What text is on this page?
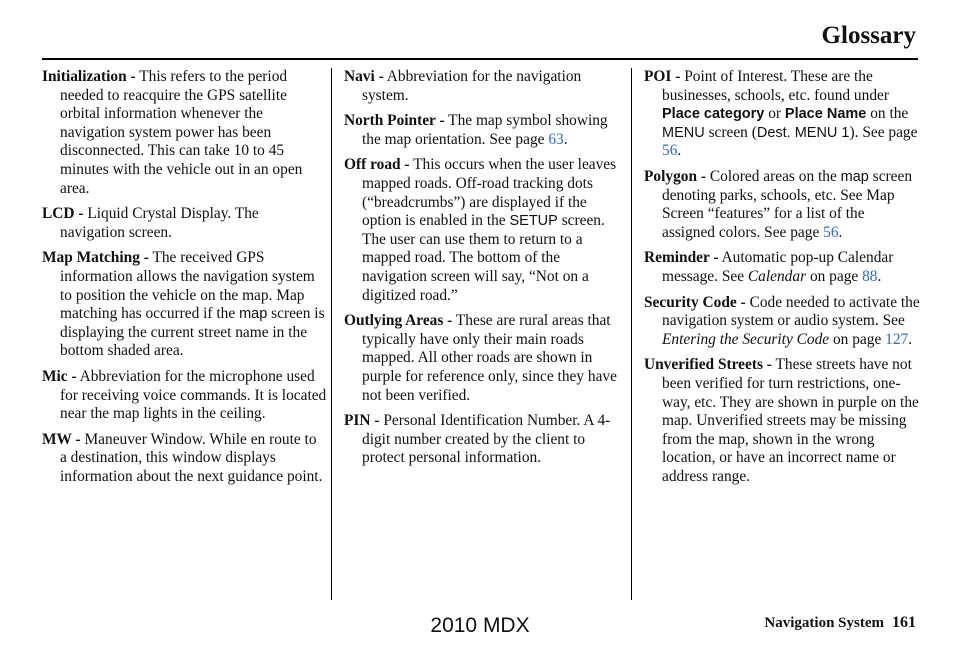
Glossary

Initialization - This refers to the period needed to reacquire the GPS satellite orbital information whenever the navigation system power has been disconnected. This can take 10 to 45 minutes with the vehicle out in an open area.

LCD - Liquid Crystal Display. The navigation screen.

Map Matching - The received GPS information allows the navigation system to position the vehicle on the map. Map matching has occurred if the map screen is displaying the current street name in the bottom shaded area.

Mic - Abbreviation for the microphone used for receiving voice commands. It is located near the map lights in the ceiling.

MW - Maneuver Window. While en route to a destination, this window displays information about the next guidance point.

Navi - Abbreviation for the navigation system.

North Pointer - The map symbol showing the map orientation. See page 63.

Off road - This occurs when the user leaves mapped roads. Off-road tracking dots (“breadcrumbs”) are displayed if the option is enabled in the SETUP screen. The user can use them to return to a mapped road. The bottom of the navigation screen will say, “Not on a digitized road.”

Outlying Areas - These are rural areas that typically have only their main roads mapped. All other roads are shown in purple for reference only, since they have not been verified.

PIN - Personal Identification Number. A 4-digit number created by the client to protect personal information.

POI - Point of Interest. These are the businesses, schools, etc. found under Place category or Place Name on the MENU screen (Dest. MENU 1). See page 56.

Polygon - Colored areas on the map screen denoting parks, schools, etc. See Map Screen “features” for a list of the assigned colors. See page 56.

Reminder - Automatic pop-up Calendar message. See Calendar on page 88.

Security Code - Code needed to activate the navigation system or audio system. See Entering the Security Code on page 127.

Unverified Streets - These streets have not been verified for turn restrictions, one-way, etc. They are shown in purple on the map. Unverified streets may be missing from the map, shown in the wrong location, or have an incorrect name or address range.

2010 MDX	Navigation System 161
